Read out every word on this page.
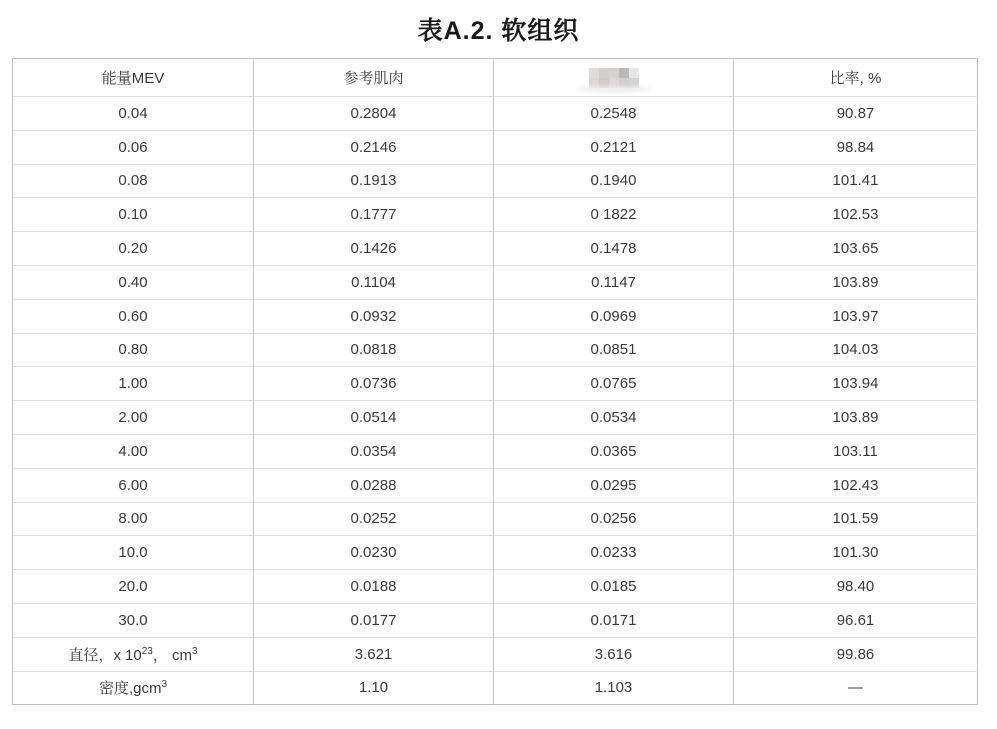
表A.2. 软组织
能量MEV	参考肌肉		比率, %
0.04	0.2804	0.2548	90.87
0.06	0.2146	0.2121	98.84
0.08	0.1913	0.1940	101.41
0.10	0.1777	0 1822	102.53
0.20	0.1426	0.1478	103.65
0.40	0.1104	0.1147	103.89
0.60	0.0932	0.0969	103.97
0.80	0.0818	0.0851	104.03
1.00	0.0736	0.0765	103.94
2.00	0.0514	0.0534	103.89
4.00	0.0354	0.0365	103.11
6.00	0.0288	0.0295	102.43
8.00	0.0252	0.0256	101.59
10.0	0.0230	0.0233	101.30
20.0	0.0188	0.0185	98.40
30.0	0.0177	0.0171	96.61
直径，x $10^{23}$， $cm^3$	3.621	3.616	99.86
密度,gcm$^3$	1.10	1.103	—
